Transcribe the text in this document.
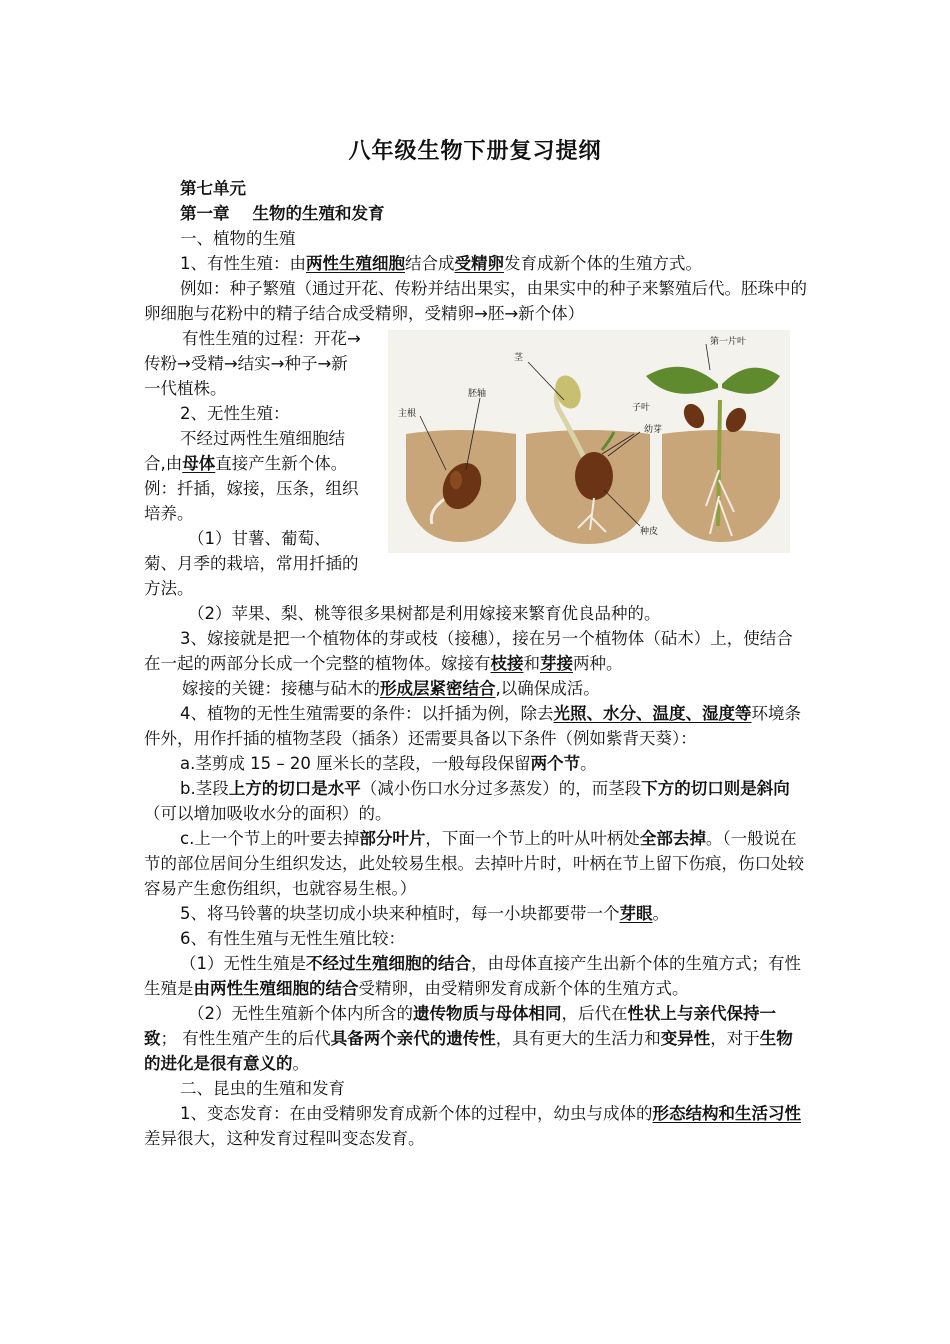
八年级生物下册复习提纲

第七单元

第一章    生物的生殖和发育

一、植物的生殖

1、有性生殖：由两性生殖细胞结合成受精卵发育成新个体的生殖方式。

例如：种子繁殖（通过开花、传粉并结出果实，由果实中的种子来繁殖后代。胚珠中的卵细胞与花粉中的精子结合成受精卵，受精卵→胚→新个体）

主根
胚轴
茎
第一片叶
子叶
幼芽
种皮

有性生殖的过程：开花→传粉→受精→结实→种子→新一代植株。

2、无性生殖：

不经过两性生殖细胞结合,由母体直接产生新个体。例：扦插，嫁接，压条，组织培养。

（1）甘薯、葡萄、菊、月季的栽培，常用扦插的方法。

（2）苹果、梨、桃等很多果树都是利用嫁接来繁育优良品种的。

3、嫁接就是把一个植物体的芽或枝（接穗），接在另一个植物体（砧木）上，使结合在一起的两部分长成一个完整的植物体。嫁接有枝接和芽接两种。

嫁接的关键：接穗与砧木的形成层紧密结合,以确保成活。

4、植物的无性生殖需要的条件：以扦插为例，除去光照、水分、温度、湿度等环境条件外，用作扦插的植物茎段（插条）还需要具备以下条件（例如紫背天葵）：

a.茎剪成 15 – 20 厘米长的茎段，一般每段保留两个节。

b.茎段上方的切口是水平（减小伤口水分过多蒸发）的，而茎段下方的切口则是斜向（可以增加吸收水分的面积）的。

c.上一个节上的叶要去掉部分叶片，下面一个节上的叶从叶柄处全部去掉。（一般说在节的部位居间分生组织发达，此处较易生根。去掉叶片时，叶柄在节上留下伤痕，伤口处较容易产生愈伤组织，也就容易生根。）

5、将马铃薯的块茎切成小块来种植时，每一小块都要带一个芽眼。

6、有性生殖与无性生殖比较：

（1）无性生殖是不经过生殖细胞的结合，由母体直接产生出新个体的生殖方式；有性生殖是由两性生殖细胞的结合受精卵，由受精卵发育成新个体的生殖方式。

（2）无性生殖新个体内所含的遗传物质与母体相同，后代在性状上与亲代保持一致； 有性生殖产生的后代具备两个亲代的遗传性，具有更大的生活力和变异性，对于生物的进化是很有意义的。

二、昆虫的生殖和发育

1、变态发育：在由受精卵发育成新个体的过程中，幼虫与成体的形态结构和生活习性差异很大，这种发育过程叫变态发育。
